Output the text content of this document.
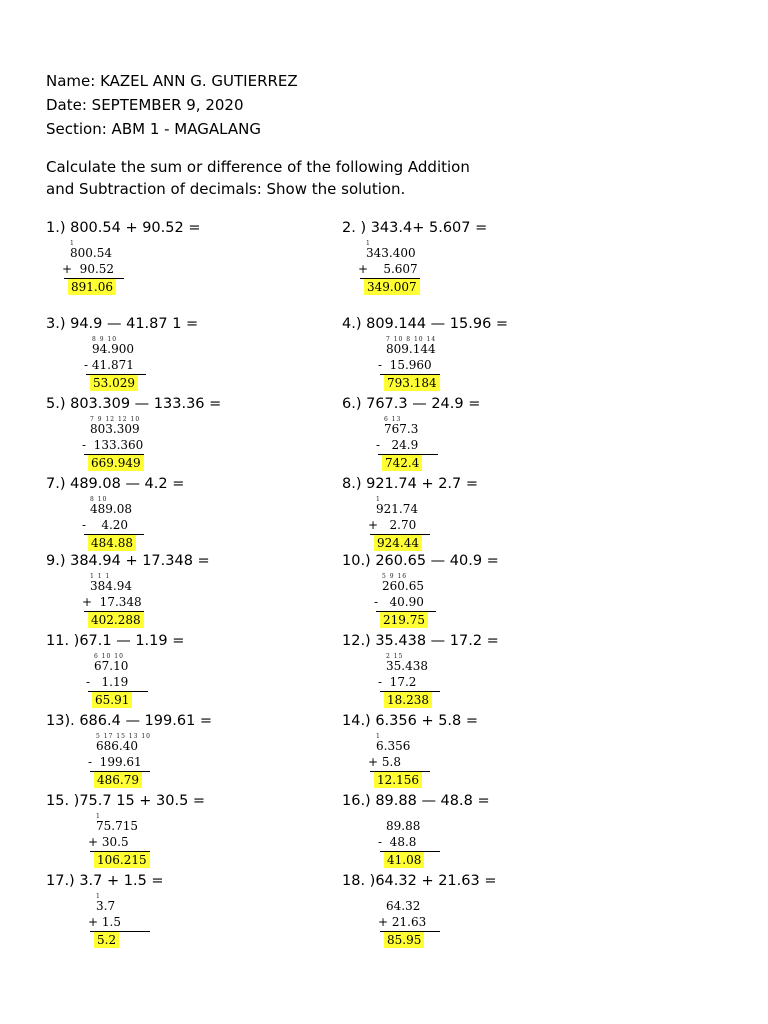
Name: KAZEL ANN G. GUTIERREZ
Date: SEPTEMBER 9, 2020
Section: ABM 1 - MAGALANG
Calculate the sum or difference of the following Addition
and Subtraction of decimals: Show the solution.
1.) 800.54 + 90.52 =
1
800.54
+  90.52
891.06
2. ) 343.4+ 5.607 =
1
343.400
+    5.607
349.007
3.) 94.9 — 41.87 1 =
8 9 10
94.900
- 41.871
53.029
4.) 809.144 — 15.96 =
7 10 8 10 14
809.144
-  15.960
793.184
5.) 803.309 — 133.36 =
7 9 12 12 10
803.309
-  133.360
669.949
6.) 767.3 — 24.9 =
6 13
767.3
-   24.9
742.4
7.) 489.08 — 4.2 =
8 10
489.08
-    4.20
484.88
8.) 921.74 + 2.7 =
1
921.74
+   2.70
924.44
9.) 384.94 + 17.348 =
1 1 1
384.94
+  17.348
402.288
10.) 260.65 — 40.9 =
5 9 16
260.65
-   40.90
219.75
11. )67.1 — 1.19 =
6 10 10
67.10
-   1.19
65.91
12.) 35.438 — 17.2 =
2 15
35.438
-  17.2
18.238
13). 686.4 — 199.61 =
5 17 15 13 10
686.40
-  199.61
486.79
14.) 6.356 + 5.8 =
1
6.356
+ 5.8
12.156
15. )75.7 15 + 30.5 =
1
75.715
+ 30.5
106.215
16.) 89.88 — 48.8 =
89.88
-  48.8
41.08
17.) 3.7 + 1.5 =
1
3.7
+ 1.5
5.2
18. )64.32 + 21.63 =
64.32
+ 21.63
85.95
